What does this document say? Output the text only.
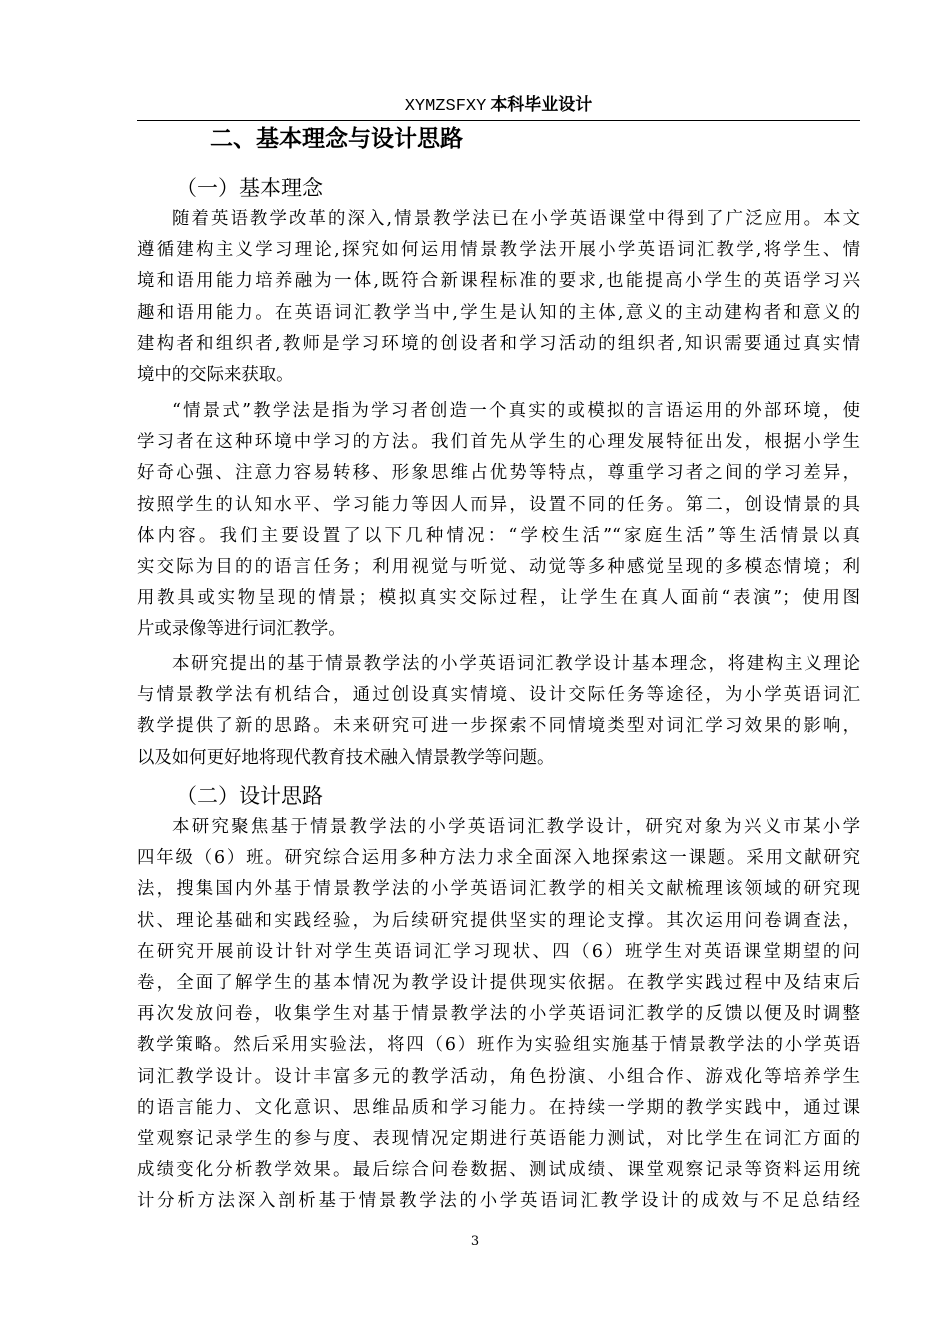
XYMZSFXY 本科毕业设计
二、基本理念与设计思路
（一）基本理念
随着英语教学改革的深入,情景教学法已在小学英语课堂中得到了广泛应用。本文
遵循建构主义学习理论,探究如何运用情景教学法开展小学英语词汇教学,将学生、情
境和语用能力培养融为一体,既符合新课程标准的要求,也能提高小学生的英语学习兴
趣和语用能力。在英语词汇教学当中,学生是认知的主体,意义的主动建构者和意义的
建构者和组织者,教师是学习环境的创设者和学习活动的组织者,知识需要通过真实情
境中的交际来获取。
“情景式”教学法是指为学习者创造一个真实的或模拟的言语运用的外部环境，使
学习者在这种环境中学习的方法。我们首先从学生的心理发展特征出发，根据小学生
好奇心强、注意力容易转移、形象思维占优势等特点，尊重学习者之间的学习差异，
按照学生的认知水平、学习能力等因人而异，设置不同的任务。第二，创设情景的具
体内容。我们主要设置了以下几种情况：“学校生活”“家庭生活”等生活情景以真
实交际为目的的语言任务；利用视觉与听觉、动觉等多种感觉呈现的多模态情境；利
用教具或实物呈现的情景；模拟真实交际过程，让学生在真人面前“表演”；使用图
片或录像等进行词汇教学。
本研究提出的基于情景教学法的小学英语词汇教学设计基本理念，将建构主义理论
与情景教学法有机结合，通过创设真实情境、设计交际任务等途径，为小学英语词汇
教学提供了新的思路。未来研究可进一步探索不同情境类型对词汇学习效果的影响，
以及如何更好地将现代教育技术融入情景教学等问题。
（二）设计思路
本研究聚焦基于情景教学法的小学英语词汇教学设计，研究对象为兴义市某小学
四年级（6）班。研究综合运用多种方法力求全面深入地探索这一课题。采用文献研究
法，搜集国内外基于情景教学法的小学英语词汇教学的相关文献梳理该领域的研究现
状、理论基础和实践经验，为后续研究提供坚实的理论支撑。其次运用问卷调查法，
在研究开展前设计针对学生英语词汇学习现状、四（6）班学生对英语课堂期望的问
卷，全面了解学生的基本情况为教学设计提供现实依据。在教学实践过程中及结束后
再次发放问卷，收集学生对基于情景教学法的小学英语词汇教学的反馈以便及时调整
教学策略。然后采用实验法，将四（6）班作为实验组实施基于情景教学法的小学英语
词汇教学设计。设计丰富多元的教学活动，角色扮演、小组合作、游戏化等培养学生
的语言能力、文化意识、思维品质和学习能力。在持续一学期的教学实践中，通过课
堂观察记录学生的参与度、表现情况定期进行英语能力测试，对比学生在词汇方面的
成绩变化分析教学效果。最后综合问卷数据、测试成绩、课堂观察记录等资料运用统
计分析方法深入剖析基于情景教学法的小学英语词汇教学设计的成效与不足总结经
3
